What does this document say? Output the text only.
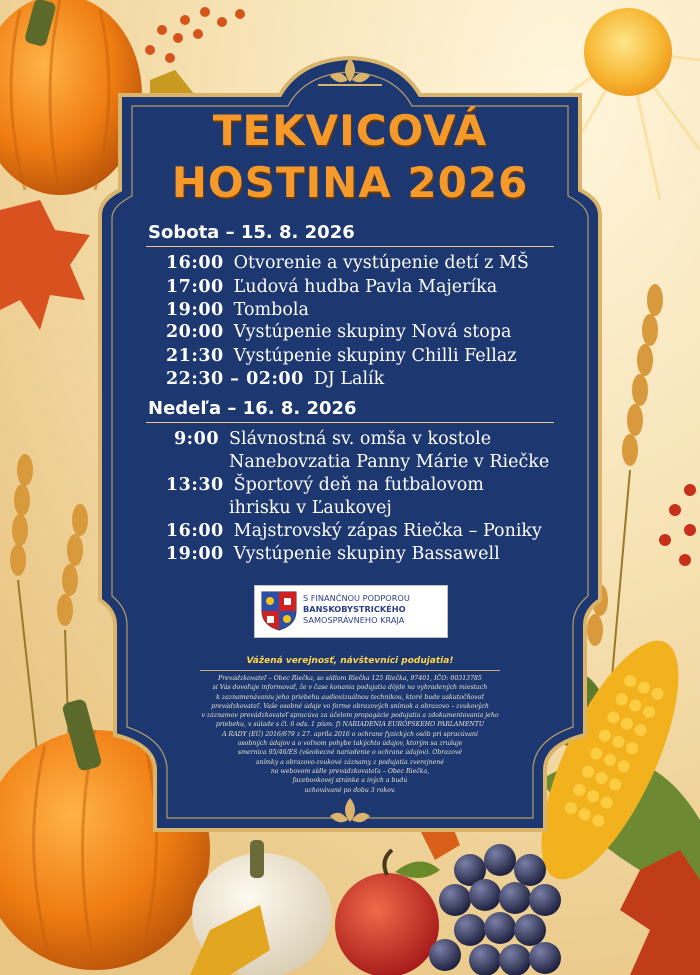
TEKVICOVÁ
HOSTINA 2026
Sobota – 15. 8. 2026
16:00 Otvorenie a vystúpenie detí z MŠ
17:00 Ľudová hudba Pavla Majeríka
19:00 Tombola
20:00 Vystúpenie skupiny Nová stopa
21:30 Vystúpenie skupiny Chilli Fellaz
22:30 – 02:00 DJ Lalík
Nedeľa – 16. 8. 2026
9:00 Slávnostná sv. omša v kostole
Nanebovzatia Panny Márie v Riečke
13:30 Športový deň na futbalovom
ihrisku v Ľaukovej
16:00 Majstrovský zápas Riečka – Poniky
19:00 Vystúpenie skupiny Bassawell
S FINANČNOU PODPOROU
BANSKOBYSTRICKÉHO
SAMOSPRÁVNEHO KRAJA
Vážená verejnosť, návštevníci podujatia!
Prevádzkovateľ – Obec Riečka, so sídlom Riečka 125 Riečka, 97401, IČO: 00313785
si Vás dovoľuje informovať, že v čase konania podujatia dôjde na vyhradených miestach
k zaznamenávaniu jeho priebehu audiovizuálnou technikou, ktoré bude uskutočňovať
prevádzkovateľ. Vaše osobné údaje vo forme obrazových snímok a obrazovo – zvukových
v záznamov prevádzkovateľ spracúva za účelom propagácie podujatia a zdokumentovania jeho
priebehu, v súlade s čl. 6 ods. 1 písm. f) NARIADENIA EURÓPSKEHO PARLAMENTU
A RADY (EÚ) 2016/679 z 27. apríla 2016 o ochrane fyzických osôb pri spracúvaní
osobných údajov a o voľnom pohybe takýchto údajov, ktorým sa zrušuje
smernica 95/46/ES (všeobecné nariadenie o ochrane údajov). Obrazové
snímky a obrazovo-zvukové záznamy z podujatia zverejnené
na webovom sídle prevádzkovateľa – Obec Riečka,
facebookovej stránke a iných a budú
uchovávané po dobu 3 rokov.
